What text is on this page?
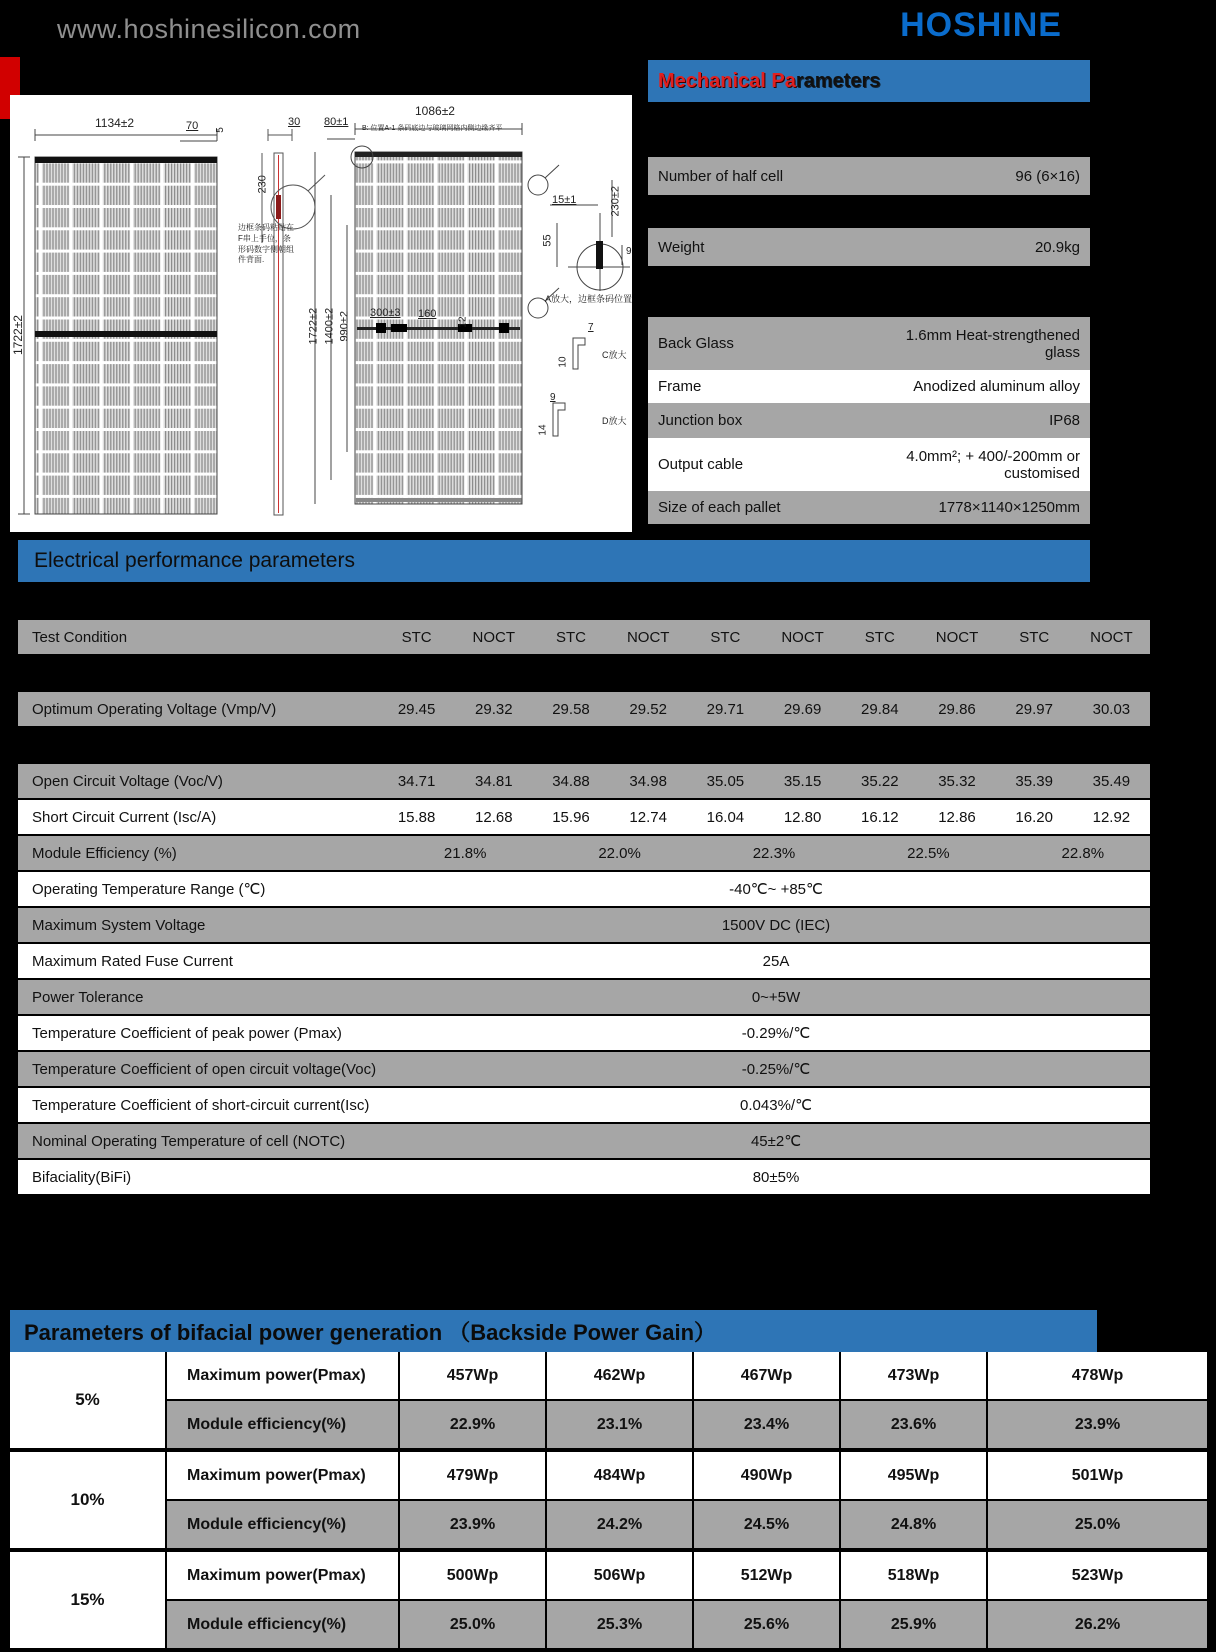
www.hoshinesilicon.com	HOSHINE
Mechanical Pa rameters
1134±2	70 5
1722±2
30
230
边框条码粘贴在F串上手位，条形码数字侧朝组件背面.
1086±2
80±1
B: 位置A-1 条码底边与玻璃网格内侧边缘齐平
1722±2 1400±2 990±2 300±3 160
12
15±1	230±2
55
9
A放大，边框条码位置
7
10
C放大
9
14
D放大
Number of half cell	96 (6×16)
Weight	20.9kg
Back Glass	1.6mm Heat-strengthened glass
Frame	Anodized aluminum alloy
Junction box	IP68
Output cable	4.0mm²; + 400/-200mm or customised
Size of each pallet	1778×1140×1250mm
Electrical performance parameters
Test Condition	STC	NOCT	STC	NOCT	STC	NOCT	STC	NOCT	STC	NOCT
Optimum Operating Voltage (Vmp/V)	29.45	29.32	29.58	29.52	29.71	29.69	29.84	29.86	29.97	30.03
Open Circuit Voltage (Voc/V)	34.71	34.81	34.88	34.98	35.05	35.15	35.22	35.32	35.39	35.49
Short Circuit Current (Isc/A)	15.88	12.68	15.96	12.74	16.04	12.80	16.12	12.86	16.20	12.92
Module Efficiency (%)	21.8%	22.0%	22.3%	22.5%	22.8%
Operating Temperature Range (℃)	-40℃~ +85℃
Maximum System Voltage	1500V DC (IEC)
Maximum Rated Fuse Current	25A
Power Tolerance	0~+5W
Temperature Coefficient of peak power (Pmax)	-0.29%/℃
Temperature Coefficient of open circuit voltage(Voc)	-0.25%/℃
Temperature Coefficient of short-circuit current(Isc)	0.043%/℃
Nominal Operating Temperature of cell (NOTC)	45±2℃
Bifaciality(BiFi)	80±5%
Parameters of bifacial power generation （Backside Power Gain）
5%
Maximum power(Pmax)	457Wp	462Wp	467Wp	473Wp	478Wp
Module efficiency(%)	22.9%	23.1%	23.4%	23.6%	23.9%
10%
Maximum power(Pmax)	479Wp	484Wp	490Wp	495Wp	501Wp
Module efficiency(%)	23.9%	24.2%	24.5%	24.8%	25.0%
15%
Maximum power(Pmax)	500Wp	506Wp	512Wp	518Wp	523Wp
Module efficiency(%)	25.0%	25.3%	25.6%	25.9%	26.2%
